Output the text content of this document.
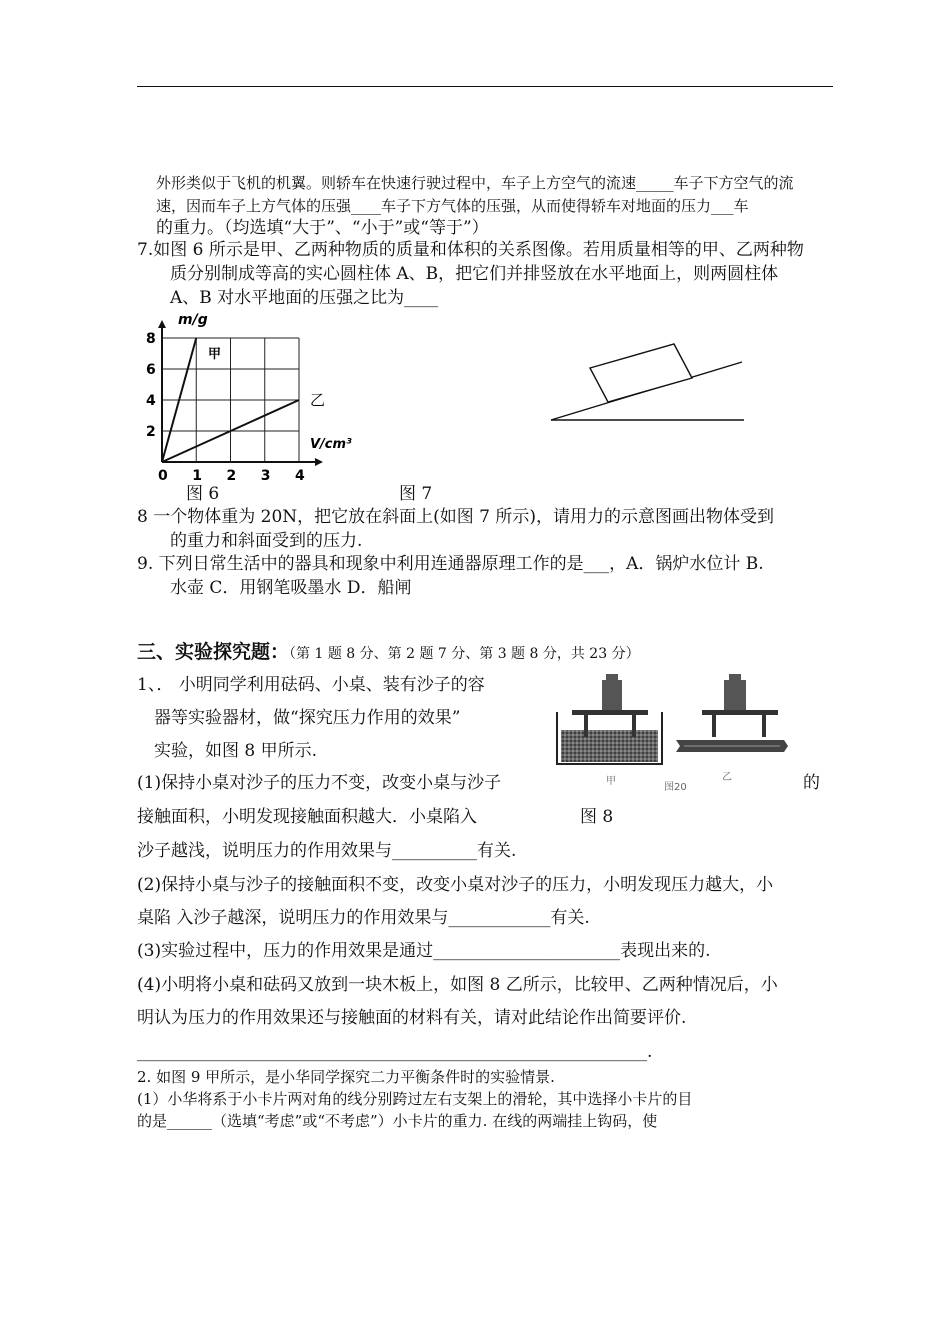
外形类似于飞机的机翼。则轿车在快速行驶过程中，车子上方空气的流速_____车子下方空气的流
速，因而车子上方气体的压强____车子下方气体的压强，从而使得轿车对地面的压力___车
的重力。（均选填“大于”、“小于”或“等于”）
7.如图 6 所示是甲、乙两种物质的质量和体积的关系图像。若用质量相等的甲、乙两种物
质分别制成等高的实心圆柱体 A、B，把它们并排竖放在水平地面上，则两圆柱体
A、B 对水平地面的压强之比为____
8
6
4
2
0 1 2 3 4
m/g
V/cm³
甲
乙
图 6	图 7
8 一个物体重为 20N，把它放在斜面上(如图 7 所示)，请用力的示意图画出物体受到
的重力和斜面受到的压力.
9. 下列日常生活中的器具和现象中利用连通器原理工作的是___，A．锅炉水位计 B.
水壶 C．用钢笔吸墨水 D．船闸
三、实验探究题：（第 1 题 8 分、第 2 题 7 分、第 3 题 8 分，共 23 分）
1、． 小明同学利用砝码、小桌、装有沙子的容
器等实验器材，做“探究压力作用的效果”
实验，如图 8 甲所示.
甲
图20
乙
(1)保持小桌对沙子的压力不变，改变小桌与沙子	的
接触面积，小明发现接触面积越大．小桌陷入	图 8
沙子越浅，说明压力的作用效果与__________有关.
(2)保持小桌与沙子的接触面积不变，改变小桌对沙子的压力，小明发现压力越大，小
桌陷 入沙子越深，说明压力的作用效果与____________有关.
(3)实验过程中，压力的作用效果是通过______________________表现出来的.
(4)小明将小桌和砝码又放到一块木板上，如图 8 乙所示，比较甲、乙两种情况后，小
明认为压力的作用效果还与接触面的材料有关，请对此结论作出简要评价.
____________________________________________________________.
2. 如图 9 甲所示，是小华同学探究二力平衡条件时的实验情景.
(1）小华将系于小卡片两对角的线分别跨过左右支架上的滑轮，其中选择小卡片的目
的是______（选填“考虑”或“不考虑”）小卡片的重力. 在线的两端挂上钩码，使
